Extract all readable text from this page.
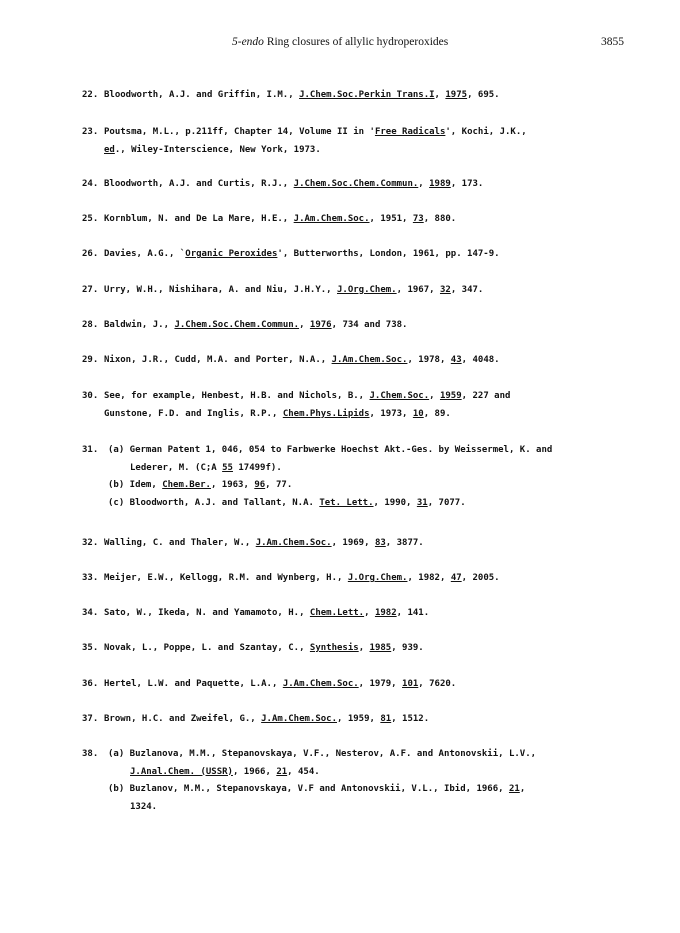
5-endo Ring closures of allylic hydroperoxides	3855
22. Bloodworth, A.J. and Griffin, I.M., J.Chem.Soc.Perkin Trans.I, 1975, 695.
23. Poutsma, M.L., p.211ff, Chapter 14, Volume II in 'Free Radicals', Kochi, J.K.,
ed., Wiley-Interscience, New York, 1973.
24. Bloodworth, A.J. and Curtis, R.J., J.Chem.Soc.Chem.Commun., 1989, 173.
25. Kornblum, N. and De La Mare, H.E., J.Am.Chem.Soc., 1951, 73, 880.
26. Davies, A.G., `Organic Peroxides', Butterworths, London, 1961, pp. 147-9.
27. Urry, W.H., Nishihara, A. and Niu, J.H.Y., J.Org.Chem., 1967, 32, 347.
28. Baldwin, J., J.Chem.Soc.Chem.Commun., 1976, 734 and 738.
29. Nixon, J.R., Cudd, M.A. and Porter, N.A., J.Am.Chem.Soc., 1978, 43, 4048.
30. See, for example, Henbest, H.B. and Nichols, B., J.Chem.Soc., 1959, 227 and
Gunstone, F.D. and Inglis, R.P., Chem.Phys.Lipids, 1973, 10, 89.
31. (a) German Patent 1, 046, 054 to Farbwerke Hoechst Akt.-Ges. by Weissermel, K. and
Lederer, M. (C;A 55 17499f).
(b) Idem, Chem.Ber., 1963, 96, 77.
(c) Bloodworth, A.J. and Tallant, N.A. Tet. Lett., 1990, 31, 7077.
32. Walling, C. and Thaler, W., J.Am.Chem.Soc., 1969, 83, 3877.
33. Meijer, E.W., Kellogg, R.M. and Wynberg, H., J.Org.Chem., 1982, 47, 2005.
34. Sato, W., Ikeda, N. and Yamamoto, H., Chem.Lett., 1982, 141.
35. Novak, L., Poppe, L. and Szantay, C., Synthesis, 1985, 939.
36. Hertel, L.W. and Paquette, L.A., J.Am.Chem.Soc., 1979, 101, 7620.
37. Brown, H.C. and Zweifel, G., J.Am.Chem.Soc., 1959, 81, 1512.
38. (a) Buzlanova, M.M., Stepanovskaya, V.F., Nesterov, A.F. and Antonovskii, L.V.,
J.Anal.Chem. (USSR), 1966, 21, 454.
(b) Buzlanov, M.M., Stepanovskaya, V.F and Antonovskii, V.L., Ibid, 1966, 21,
1324.
